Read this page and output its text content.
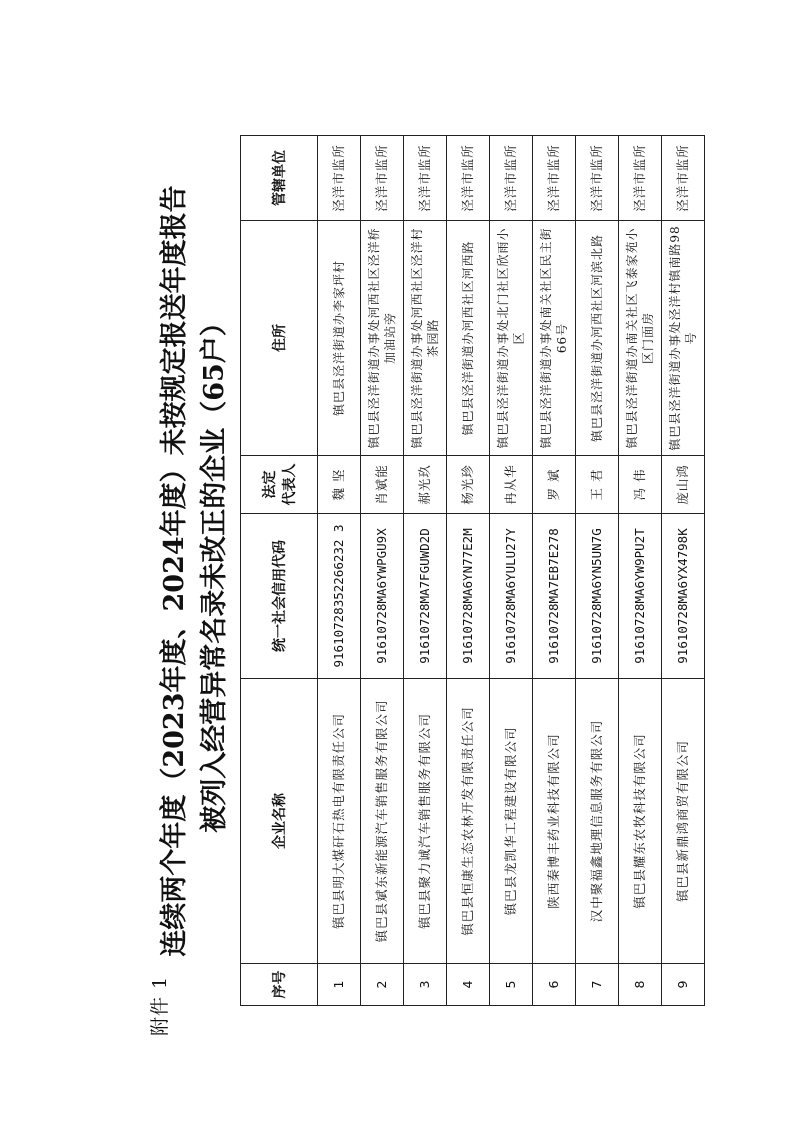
附件 1
连续两个年度（2023年度、2024年度）未按规定报送年度报告 被列入经营异常名录未改正的企业（65户）
序号	企业名称	统一社会信用代码	法定 代表人	住所	管辖单位
1	镇巴县明大煤矸石热电有限责任公司	91610728352266232 3	魏 坚	镇巴县泾洋街道办李家坪村	泾洋市监所
2	镇巴县斌东新能源汽车销售服务有限公司	91610728MA6YWPGU9X	肖斌能	镇巴县泾洋街道办事处河西社区泾洋桥加油站旁	泾洋市监所
3	镇巴县聚力诚汽车销售服务有限公司	91610728MA7FGUWD2D	郝光玖	镇巴县泾洋街道办事处河西社区泾洋村茶园路	泾洋市监所
4	镇巴县恒康生态农林开发有限责任公司	91610728MA6YN77E2M	杨光珍	镇巴县泾洋街道办河西社区河西路	泾洋市监所
5	镇巴县龙凯华工程建设有限公司	91610728MA6YULU27Y	冉从华	镇巴县泾洋街道办事处北门社区欣雨小区	泾洋市监所
6	陕西秦博丰药业科技有限公司	91610728MA7EB7E278	罗 斌	镇巴县泾洋街道办事处南关社区民主街66号	泾洋市监所
7	汉中聚福鑫地理信息服务有限公司	91610728MA6YN5UN7G	王 君	镇巴县泾洋街道办河西社区河滨北路	泾洋市监所
8	镇巴县耀东农牧科技有限公司	91610728MA6YW9PU2T	冯 伟	镇巴县泾洋街道办南关社区飞泰家苑小区门面房	泾洋市监所
9	镇巴县新鼎鸿商贸有限公司	91610728MA6YX4798K	庞山鸿	镇巴县泾洋街道办事处泾洋村镇南路98号	泾洋市监所
